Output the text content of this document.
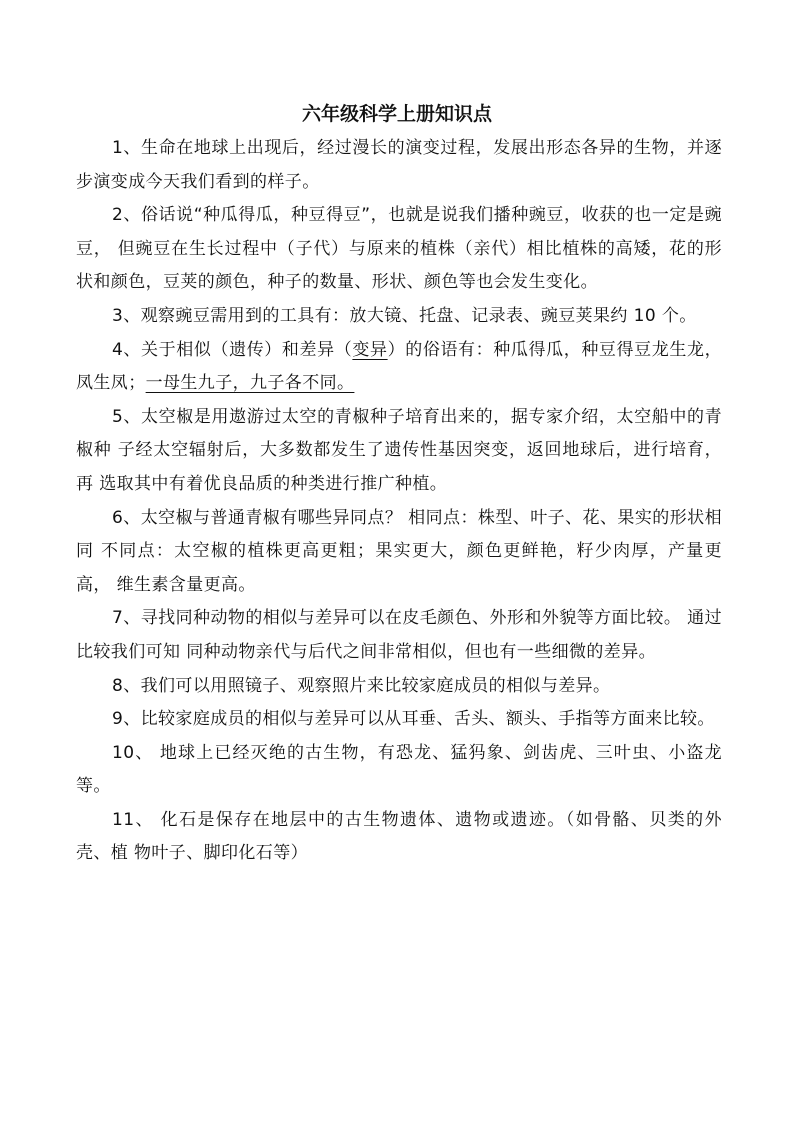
六年级科学上册知识点

1、生命在地球上出现后，经过漫长的演变过程，发展出形态各异的生物，并逐步演变成今天我们看到的样子。

2、俗话说“种瓜得瓜，种豆得豆”，也就是说我们播种豌豆，收获的也一定是豌豆， 但豌豆在生长过程中（子代）与原来的植株（亲代）相比植株的高矮，花的形 状和颜色，豆荚的颜色，种子的数量、形状、颜色等也会发生变化。

3、观察豌豆需用到的工具有：放大镜、托盘、记录表、豌豆荚果约 10 个。

4、关于相似（遗传）和差异（变异）的俗语有：种瓜得瓜，种豆得豆龙生龙，凤生凤；一母生九子，九子各不同。

5、太空椒是用遨游过太空的青椒种子培育出来的，据专家介绍，太空船中的青椒种 子经太空辐射后，大多数都发生了遗传性基因突变，返回地球后，进行培育，再 选取其中有着优良品质的种类进行推广种植。

6、太空椒与普通青椒有哪些异同点？ 相同点：株型、叶子、花、果实的形状相同 不同点：太空椒的植株更高更粗；果实更大，颜色更鲜艳，籽少肉厚，产量更高， 维生素含量更高。

7、寻找同种动物的相似与差异可以在皮毛颜色、外形和外貌等方面比较。 通过比较我们可知 同种动物亲代与后代之间非常相似，但也有一些细微的差异。

8、我们可以用照镜子、观察照片来比较家庭成员的相似与差异。

9、比较家庭成员的相似与差异可以从耳垂、舌头、额头、手指等方面来比较。

10、 地球上已经灭绝的古生物，有恐龙、猛犸象、剑齿虎、三叶虫、小盗龙等。

11、 化石是保存在地层中的古生物遗体、遗物或遗迹。（如骨骼、贝类的外壳、植 物叶子、脚印化石等）
